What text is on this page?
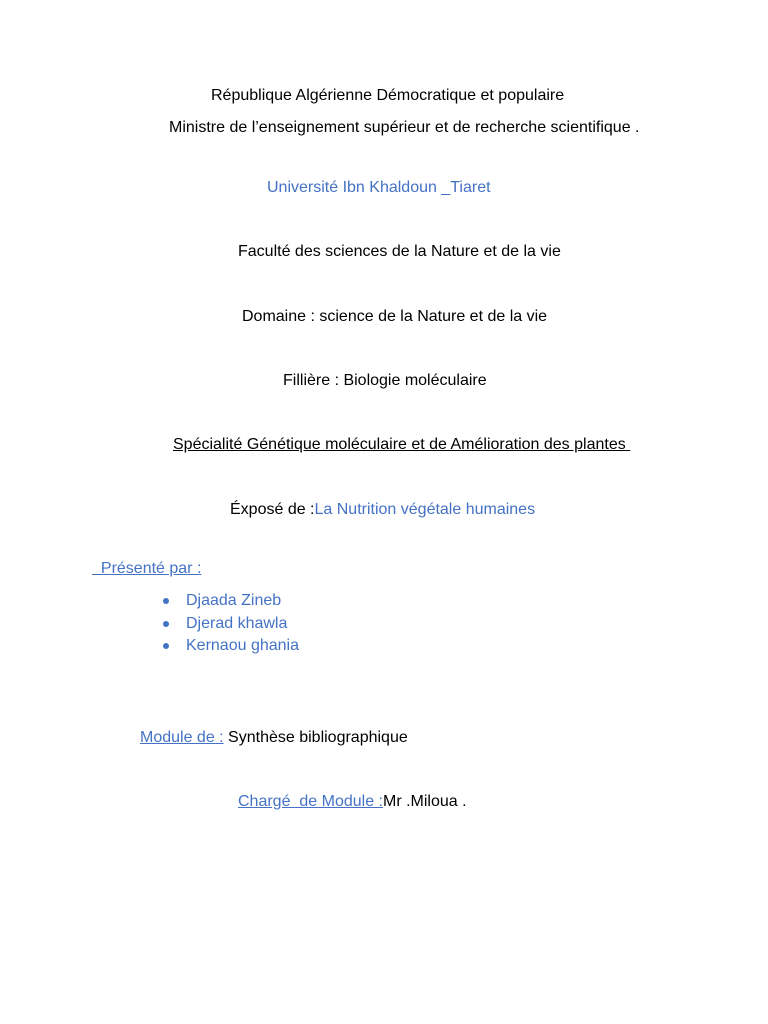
République Algérienne Démocratique et populaire
Ministre de l’enseignement supérieur et de recherche scientifique .
Université Ibn Khaldoun _Tiaret
Faculté des sciences de la Nature et de la vie
Domaine : science de la Nature et de la vie
Fillière : Biologie moléculaire
Spécialité Génétique moléculaire et de Amélioration des plantes
Éxposé de :La Nutrition végétale humaines
Présenté par :
Djaada Zineb
Djerad khawla
Kernaou ghania
Module de : Synthèse bibliographique
Chargé  de Module :Mr .Miloua .
